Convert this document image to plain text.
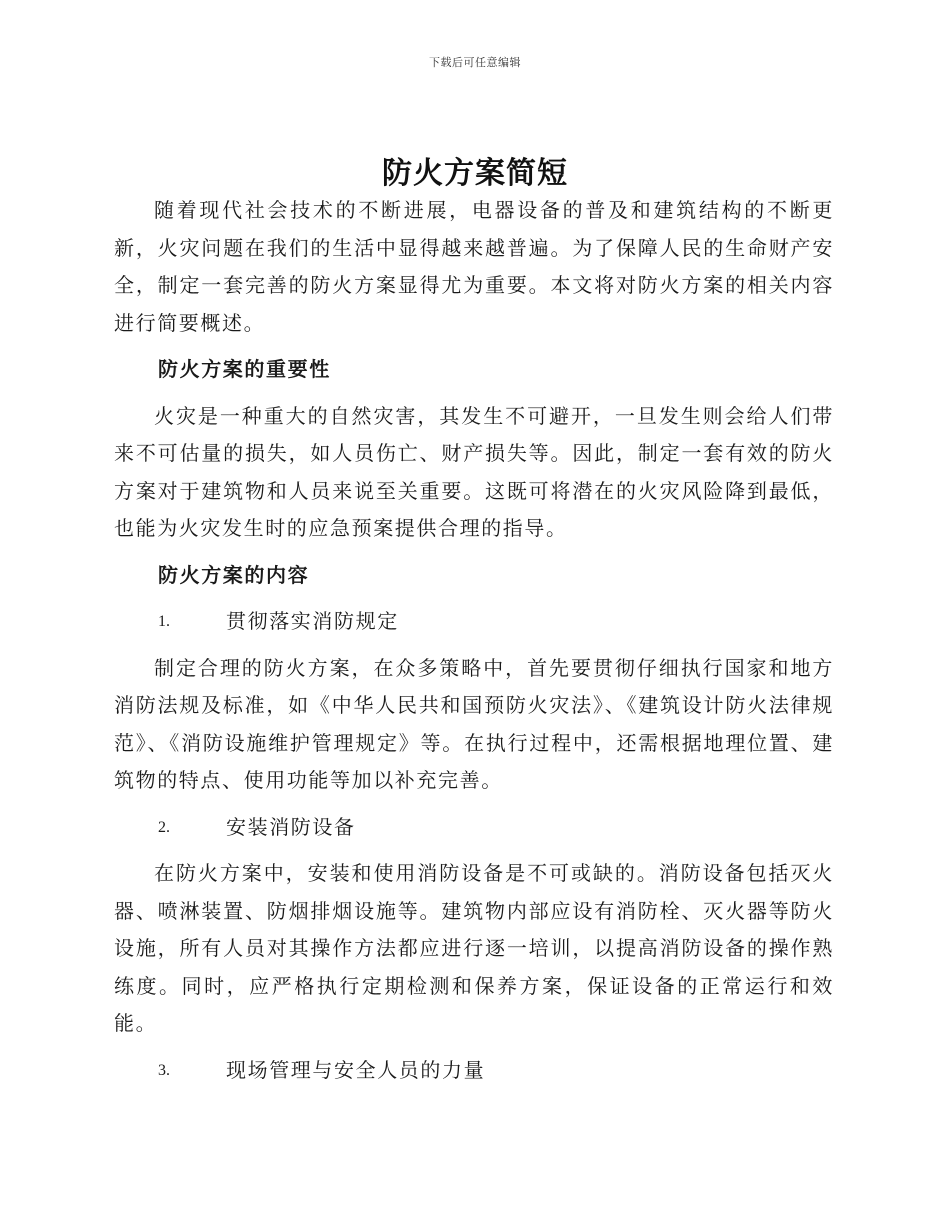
下载后可任意编辑
防火方案简短

随着现代社会技术的不断进展，电器设备的普及和建筑结构的不断更新，火灾问题在我们的生活中显得越来越普遍。为了保障人民的生命财产安全，制定一套完善的防火方案显得尤为重要。本文将对防火方案的相关内容进行简要概述。

防火方案的重要性

火灾是一种重大的自然灾害，其发生不可避开，一旦发生则会给人们带来不可估量的损失，如人员伤亡、财产损失等。因此，制定一套有效的防火方案对于建筑物和人员来说至关重要。这既可将潜在的火灾风险降到最低，也能为火灾发生时的应急预案提供合理的指导。

防火方案的内容
1.	贯彻落实消防规定

制定合理的防火方案，在众多策略中，首先要贯彻仔细执行国家和地方消防法规及标准，如《中华人民共和国预防火灾法》、《建筑设计防火法律规范》、《消防设施维护管理规定》等。在执行过程中，还需根据地理位置、建筑物的特点、使用功能等加以补充完善。

2.	安装消防设备

在防火方案中，安装和使用消防设备是不可或缺的。消防设备包括灭火器、喷淋装置、防烟排烟设施等。建筑物内部应设有消防栓、灭火器等防火设施，所有人员对其操作方法都应进行逐一培训，以提高消防设备的操作熟练度。同时，应严格执行定期检测和保养方案，保证设备的正常运行和效能。

3.	现场管理与安全人员的力量
